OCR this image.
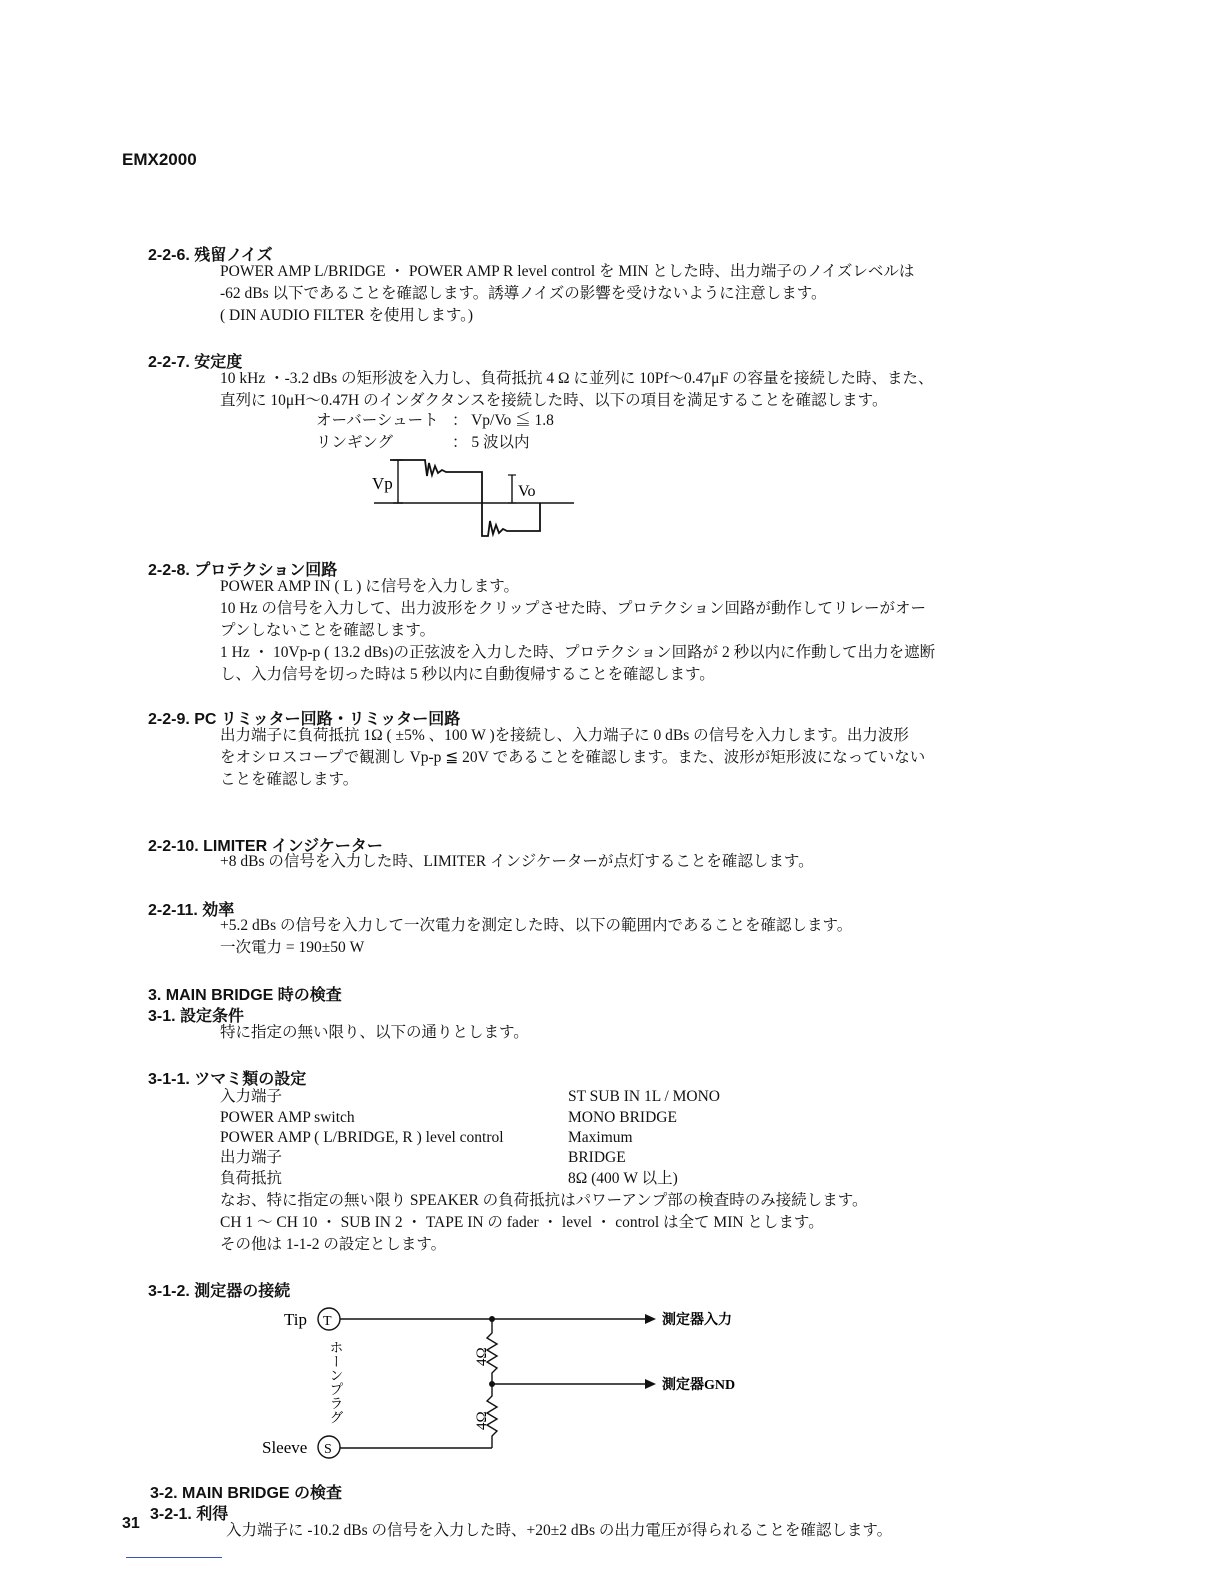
EMX2000
2-2-6. 残留ノイズ
POWER AMP L/BRIDGE ・ POWER AMP R level control を MIN とした時、出力端子のノイズレベルは
-62 dBs 以下であることを確認します。誘導ノイズの影響を受けないように注意します。
( DIN AUDIO FILTER を使用します。)
2-2-7. 安定度
10 kHz ・-3.2 dBs の矩形波を入力し、負荷抵抗 4 Ω に並列に 10Pf～0.47μF の容量を接続した時、また、
直列に 10μH～0.47H のインダクタンスを接続した時、以下の項目を満足することを確認します。
オーバーシュート ： Vp/Vo ≦ 1.8
リンギング	： 5 波以内
Vp	Vo
2-2-8. プロテクション回路
POWER AMP IN ( L ) に信号を入力します。
10 Hz の信号を入力して、出力波形をクリップさせた時、プロテクション回路が動作してリレーがオー
プンしないことを確認します。
1 Hz ・ 10Vp-p ( 13.2 dBs)の正弦波を入力した時、プロテクション回路が 2 秒以内に作動して出力を遮断
し、入力信号を切った時は 5 秒以内に自動復帰することを確認します。
2-2-9. PC リミッター回路・リミッター回路
出力端子に負荷抵抗 1Ω ( ±5% 、100 W )を接続し、入力端子に 0 dBs の信号を入力します。出力波形
をオシロスコープで観測し Vp-p ≦ 20V であることを確認します。また、波形が矩形波になっていない
ことを確認します。
2-2-10. LIMITER インジケーター
+8 dBs の信号を入力した時、LIMITER インジケーターが点灯することを確認します。
2-2-11. 効率
+5.2 dBs の信号を入力して一次電力を測定した時、以下の範囲内であることを確認します。
一次電力 = 190±50 W
3. MAIN BRIDGE 時の検査
3-1. 設定条件
特に指定の無い限り、以下の通りとします。
3-1-1. ツマミ類の設定
入力端子	ST SUB IN 1L / MONO
POWER AMP switch	MONO BRIDGE
POWER AMP ( L/BRIDGE, R ) level control	Maximum
出力端子	BRIDGE
負荷抵抗	8Ω (400 W 以上)
なお、特に指定の無い限り SPEAKER の負荷抵抗はパワーアンプ部の検査時のみ接続します。
CH 1 ～ CH 10 ・ SUB IN 2 ・ TAPE IN の fader ・ level ・ control は全て MIN とします。
その他は 1-1-2 の設定とします。
3-1-2. 測定器の接続
Tip T	測定器入力
4Ω
測定器GND
4Ω
Sleeve S
ホーンプラグ
3-2. MAIN BRIDGE の検査
3-2-1. 利得
入力端子に -10.2 dBs の信号を入力した時、+20±2 dBs の出力電圧が得られることを確認します。
31
